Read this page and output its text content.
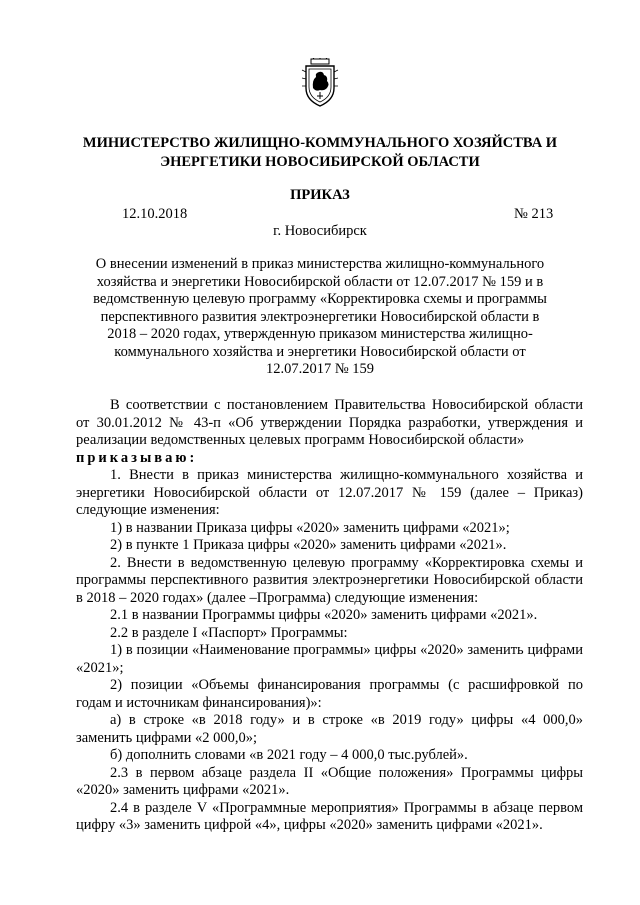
МИНИСТЕРСТВО ЖИЛИЩНО-КОММУНАЛЬНОГО ХОЗЯЙСТВА И
ЭНЕРГЕТИКИ НОВОСИБИРСКОЙ ОБЛАСТИ
ПРИКАЗ
12.10.2018	№ 213
г. Новосибирск
О внесении изменений в приказ министерства жилищно-коммунального хозяйства и энергетики Новосибирской области от 12.07.2017 № 159 и в ведомственную целевую программу «Корректировка схемы и программы перспективного развития электроэнергетики Новосибирской области в 2018 – 2020 годах, утвержденную приказом министерства жилищно-коммунального хозяйства и энергетики Новосибирской области от 12.07.2017 № 159

В соответствии с постановлением Правительства Новосибирской области от 30.01.2012 № 43-п «Об утверждении Порядка разработки, утверждения и реализации ведомственных целевых программ Новосибирской области»

приказываю:

1. Внести в приказ министерства жилищно-коммунального хозяйства и энергетики Новосибирской области от 12.07.2017 № 159 (далее – Приказ) следующие изменения:

1) в названии Приказа цифры «2020» заменить цифрами «2021»;

2) в пункте 1 Приказа цифры «2020» заменить цифрами «2021».

2. Внести в ведомственную целевую программу «Корректировка схемы и программы перспективного развития электроэнергетики Новосибирской области в 2018 – 2020 годах» (далее –Программа) следующие изменения:

2.1 в названии Программы цифры «2020» заменить цифрами «2021».

2.2 в разделе I «Паспорт» Программы:

1) в позиции «Наименование программы» цифры «2020» заменить цифрами «2021»;

2) позиции «Объемы финансирования программы (с расшифровкой по годам и источникам финансирования)»:

а) в строке «в 2018 году» и в строке «в 2019 году» цифры «4 000,0» заменить цифрами «2 000,0»;

б) дополнить словами «в 2021 году – 4 000,0 тыс.рублей».

2.3 в первом абзаце раздела II «Общие положения» Программы цифры «2020» заменить цифрами «2021».

2.4 в разделе V «Программные мероприятия» Программы в абзаце первом цифру «3» заменить цифрой «4», цифры «2020» заменить цифрами «2021».
